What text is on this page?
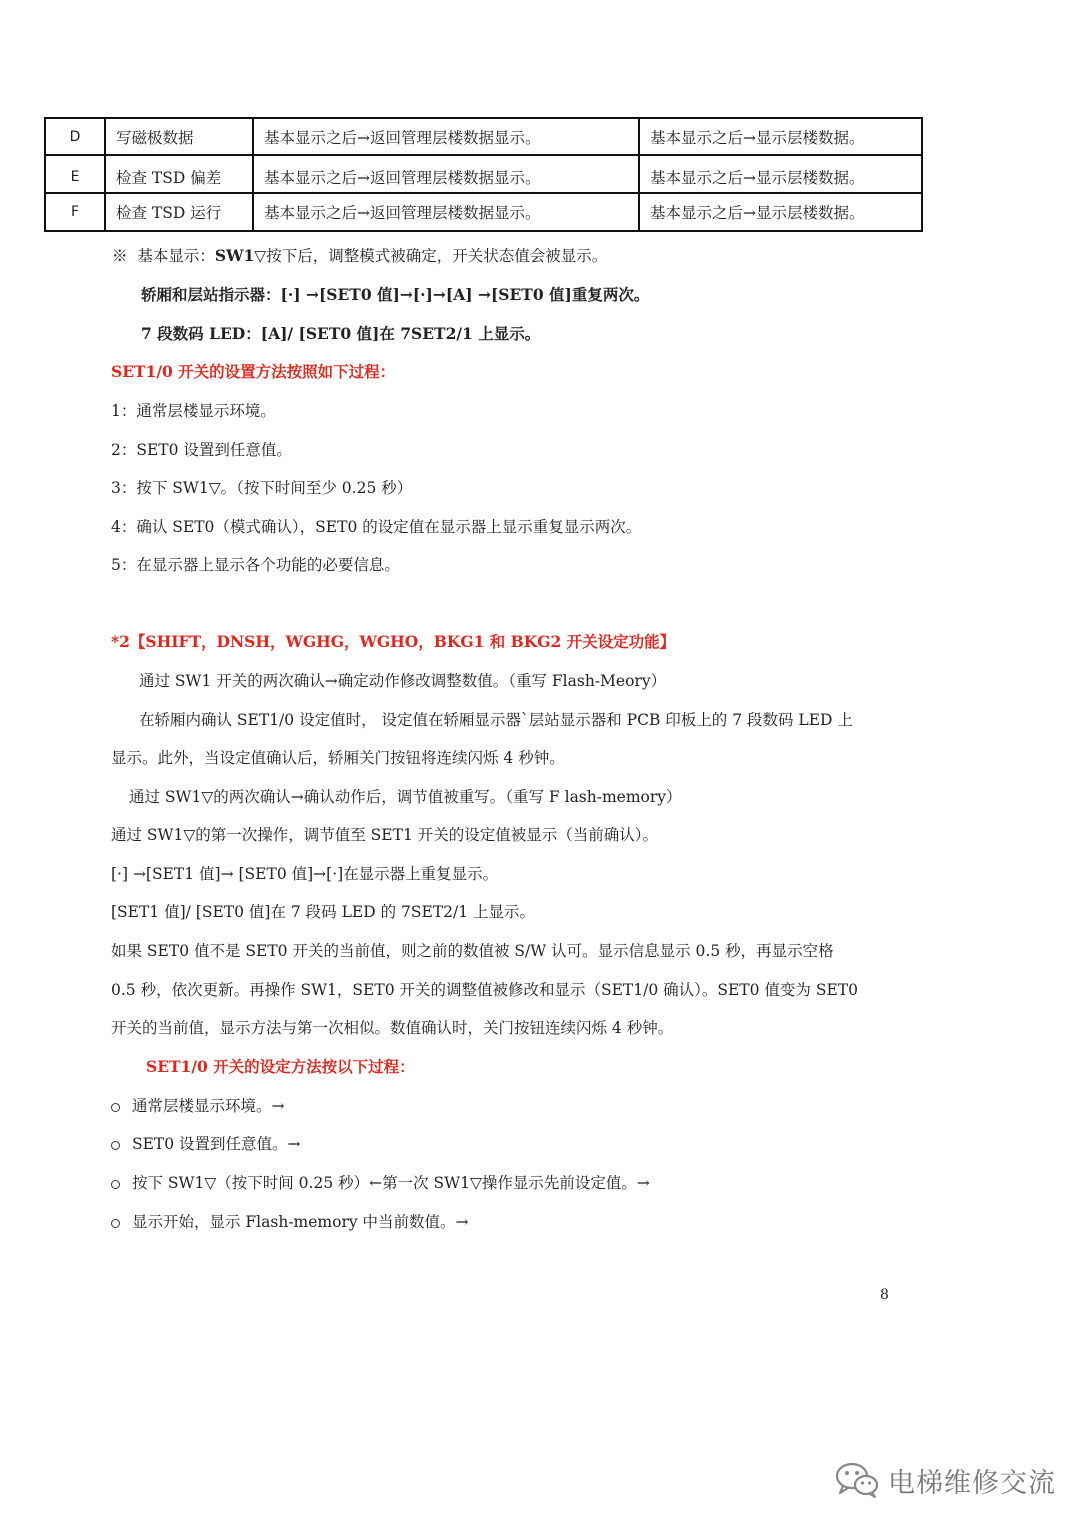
D	写磁极数据	基本显示之后→返回管理层楼数据显示。	基本显示之后→显示层楼数据。
E	检查 TSD 偏差	基本显示之后→返回管理层楼数据显示。	基本显示之后→显示层楼数据。
F	检查 TSD 运行	基本显示之后→返回管理层楼数据显示。	基本显示之后→显示层楼数据。
※ 基本显示：SW1▽按下后，调整模式被确定，开关状态值会被显示。
轿厢和层站指示器：[·] →[SET0 值]→[·]→[A] →[SET0 值]重复两次。
7 段数码 LED：[A]/ [SET0 值]在 7SET2/1 上显示。
SET1/0 开关的设置方法按照如下过程：
1：通常层楼显示环境。
2：SET0 设置到任意值。
3：按下 SW1▽。（按下时间至少 0.25 秒）
4：确认 SET0（模式确认），SET0 的设定值在显示器上显示重复显示两次。
5：在显示器上显示各个功能的必要信息。
*2【SHIFT，DNSH，WGHG，WGHO，BKG1 和 BKG2 开关设定功能】
通过 SW1 开关的两次确认→确定动作修改调整数值。（重写 Flash-Meory）
在轿厢内确认 SET1/0 设定值时， 设定值在轿厢显示器`层站显示器和 PCB 印板上的 7 段数码 LED 上
显示。此外，当设定值确认后，轿厢关门按钮将连续闪烁 4 秒钟。
通过 SW1▽的两次确认→确认动作后，调节值被重写。（重写 F lash-memory）
通过 SW1▽的第一次操作，调节值至 SET1 开关的设定值被显示（当前确认）。
[·] →[SET1 值]→ [SET0 值]→[·]在显示器上重复显示。
[SET1 值]/ [SET0 值]在 7 段码 LED 的 7SET2/1 上显示。
如果 SET0 值不是 SET0 开关的当前值，则之前的数值被 S/W 认可。显示信息显示 0.5 秒，再显示空格
0.5 秒，依次更新。再操作 SW1，SET0 开关的调整值被修改和显示（SET1/0 确认）。SET0 值变为 SET0
开关的当前值，显示方法与第一次相似。数值确认时，关门按钮连续闪烁 4 秒钟。
SET1/0 开关的设定方法按以下过程：
通常层楼显示环境。→
SET0 设置到任意值。→
按下 SW1▽（按下时间 0.25 秒）←第一次 SW1▽操作显示先前设定值。→
显示开始，显示 Flash-memory 中当前数值。→
8
电梯维修交流
